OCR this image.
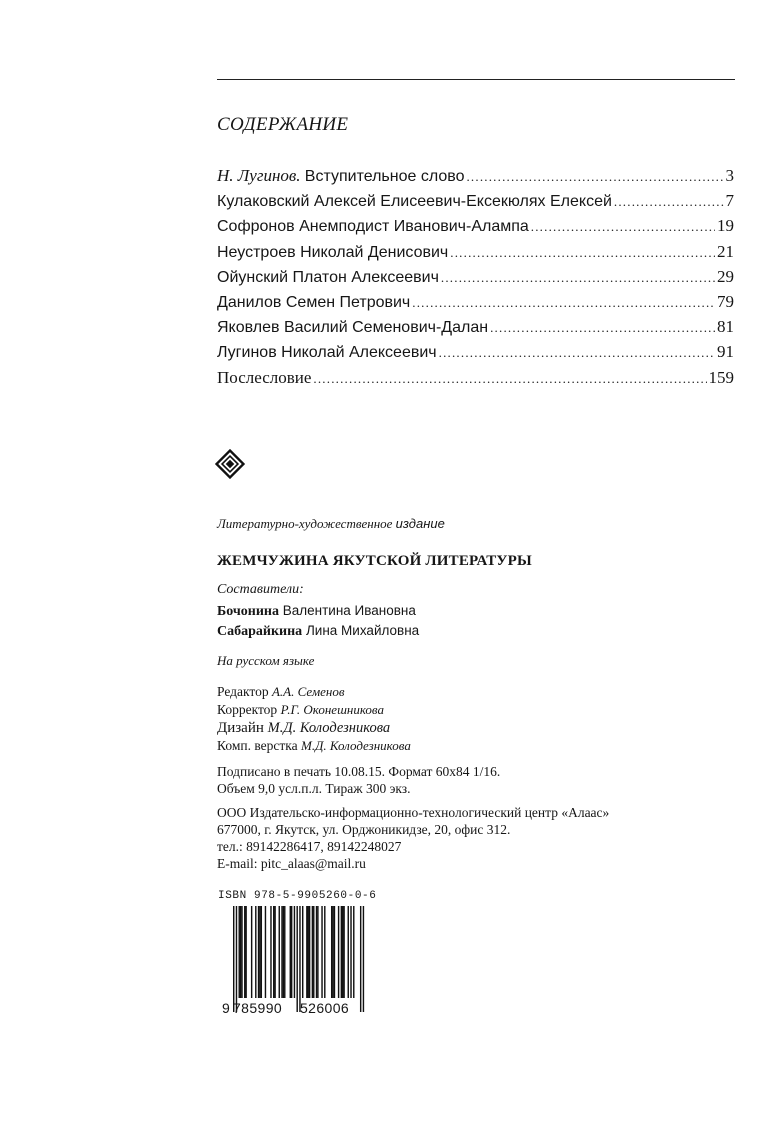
СОДЕРЖАНИЕ
Н. Лугинов. Вступительное слово .....	3
Кулаковский Алексей Елисеевич-Ексекюлях Елексей .....	7
Софронов Анемподист Иванович-Алампа .....	19
Неустроев Николай Денисович .....	21
Ойунский Платон Алексеевич .....	29
Данилов Семен Петрович .....	79
Яковлев Василий Семенович-Далан .....	81
Лугинов Николай Алексеевич .....	91
Послесловие .....	159
Литературно-художественное издание
ЖЕМЧУЖИНА ЯКУТСКОЙ ЛИТЕРАТУРЫ
Составители:
Бочонина Валентина Ивановна
Сабарайкина Лина Михайловна
На русском языке
Редактор А.А. Семенов
Корректор Р.Г. Оконешникова
Дизайн М.Д. Колодезникова
Комп. верстка М.Д. Колодезникова
Подписано в печать 10.08.15. Формат 60x84 1/16.
Объем 9,0 усл.п.л. Тираж 300 экз.
ООО Издательско-информационно-технологический центр «Алаас»
677000, г. Якутск, ул. Орджоникидзе, 20, офис 312.
тел.: 89142286417, 89142248027
E-mail: pitc_alaas@mail.ru
ISBN 978-5-9905260-0-6
9 785990 526006
